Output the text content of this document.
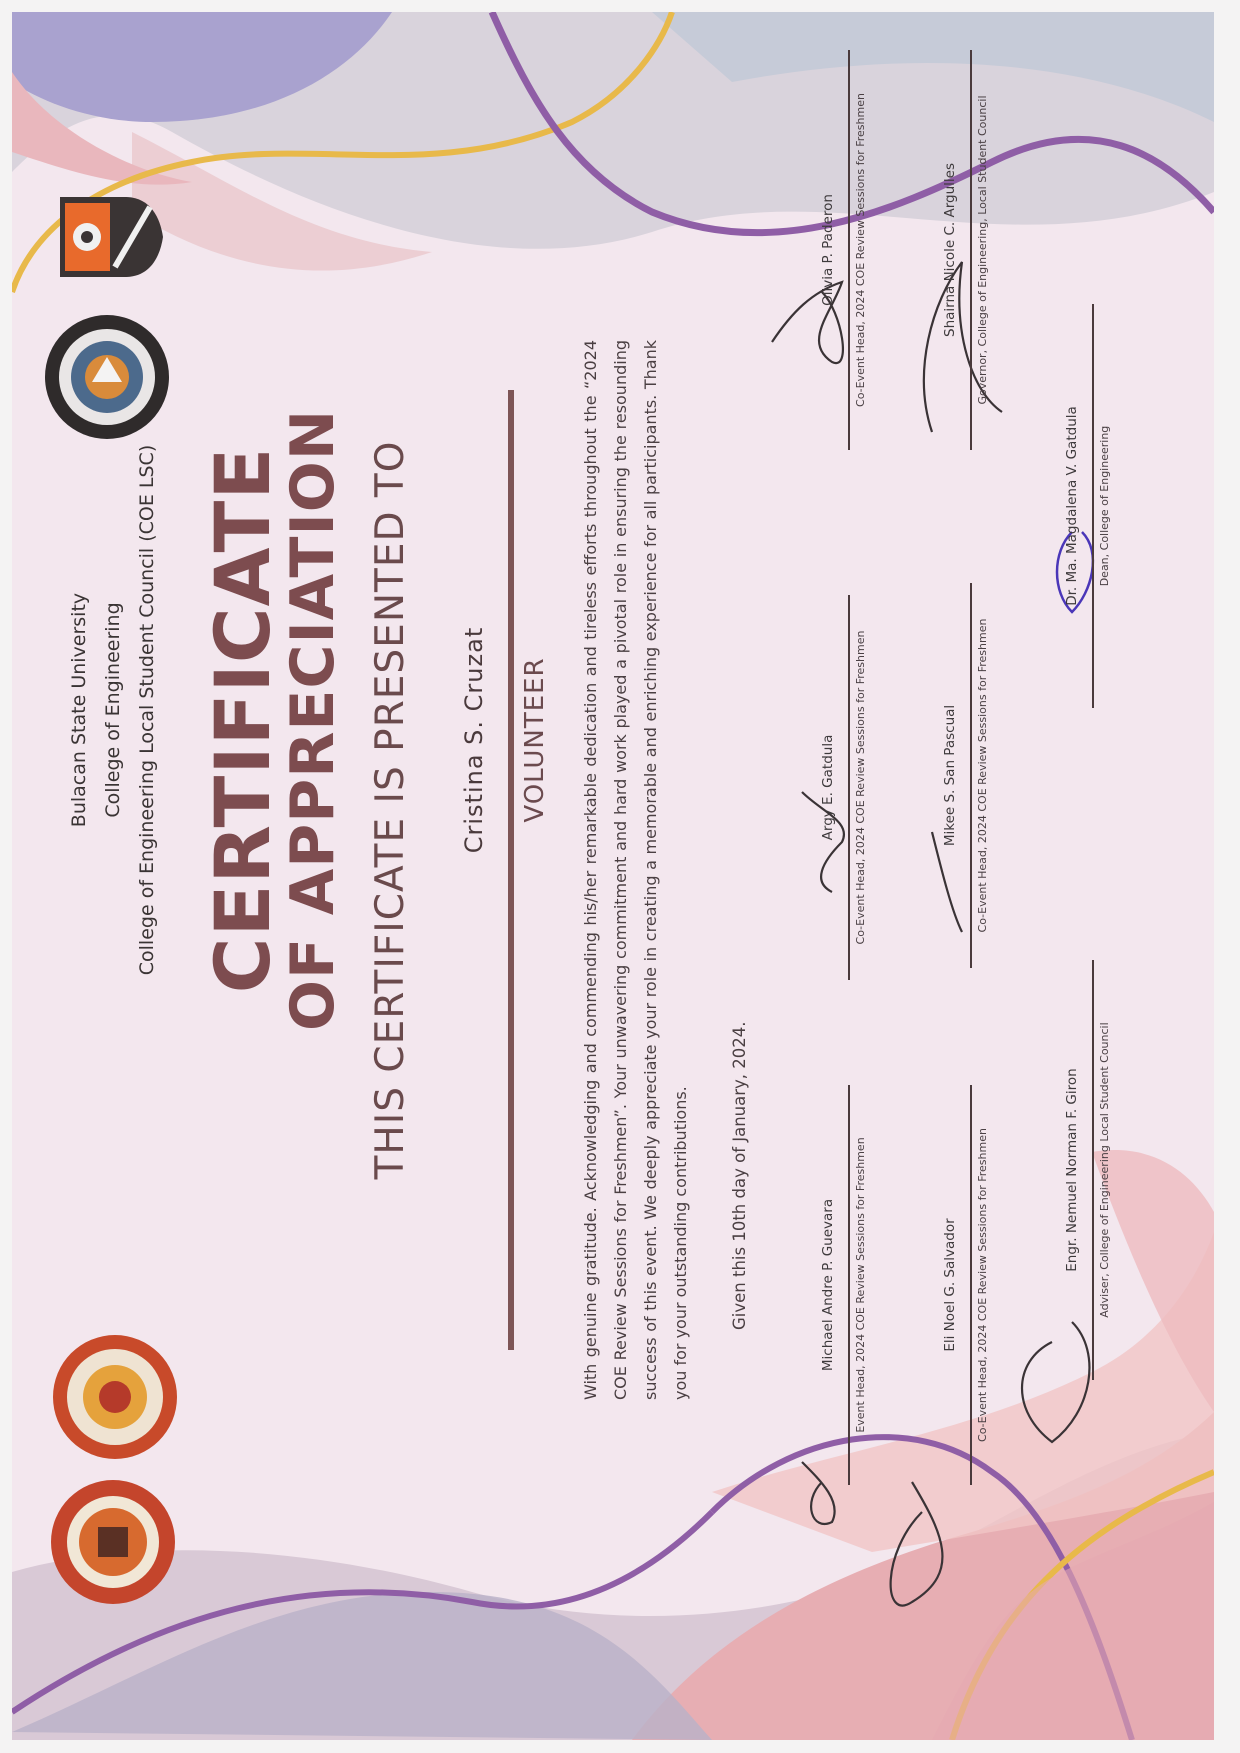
Bulacan State University College of Engineering College of Engineering Local Student Council (COE LSC) CERTIFICATE
OF APPRECIATION THIS CERTIFICATE IS PRESENTED TO Cristina S. Cruzat VOLUNTEER	With genuine gratitude. Acknowledging and commending his/her remarkable dedication and tireless efforts throughout the “2024 COE Review Sessions for Freshmen”. Your unwavering commitment and hard work played a pivotal role in ensuring the resounding success of this event. We deeply appreciate your role in creating a memorable and enriching experience for all participants. Thank you for your outstanding contributions.	Given this 10th day of January, 2024.	Michael Andre P. Guevara Event Head, 2024 COE Review Sessions for Freshmen
Argy E. Gatdula Co-Event Head, 2024 COE Review Sessions for Freshmen
Olivia P. Paderon Co-Event Head, 2024 COE Review Sessions for Freshmen
Eli Noel G. Salvador Co-Event Head, 2024 COE Review Sessions for Freshmen
Mikee S. San Pascual Co-Event Head, 2024 COE Review Sessions for Freshmen
Shairna Nicole C. Argulles Governor, College of Engineering, Local Student Council
Engr. Nemuel Norman F. Giron Adviser, College of Engineering Local Student Council
Dr. Ma. Magdalena V. Gatdula Dean, College of Engineering
